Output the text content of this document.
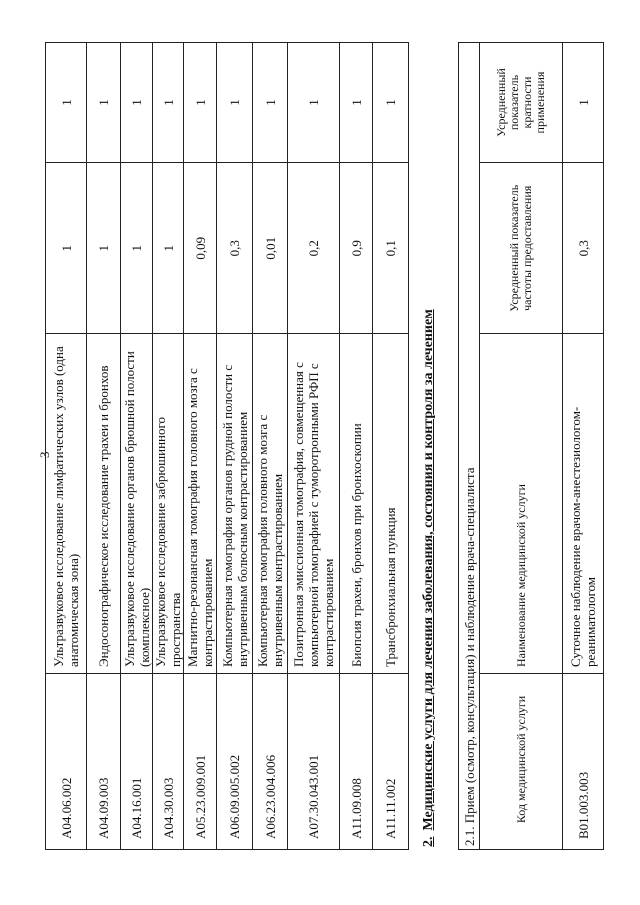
3
A04.06.002	Ультразвуковое исследование лимфатических узлов (одна анатомическая зона)	1	1
A04.09.003	Эндосонографическое исследование трахеи и бронхов	1	1
A04.16.001	Ультразвуковое исследование органов брюшной полости (комплексное)	1	1
A04.30.003	Ультразвуковое исследование забрюшинного пространства	1	1
A05.23.009.001	Магнитно-резонансная томография головного мозга с контрастированием	0,09	1
A06.09.005.002	Компьютерная томография органов грудной полости с внутривенным болюсным контрастированием	0,3	1
A06.23.004.006	Компьютерная томография головного мозга с внутривенным контрастированием	0,01	1
A07.30.043.001	Позитронная эмиссионная томография, совмещенная с компьютерной томографией с туморотропными РФП с контрастированием	0,2	1
A11.09.008	Биопсия трахеи, бронхов при бронхоскопии	0,9	1
A11.11.002	Трансбронхиальная пункция	0,1	1
2.Медицинские услуги для лечения заболевания, состояния и контроля за лечением 2.1. Прием (осмотр, консультация) и наблюдение врача-специалиста			
Код медицинской услуги	Наименование медицинской услуги	Усредненный показатель частоты предоставления	Усредненный показатель кратности применения
B01.003.003	Суточное наблюдение врачом-анестезиологом-реаниматологом	0,3	1
